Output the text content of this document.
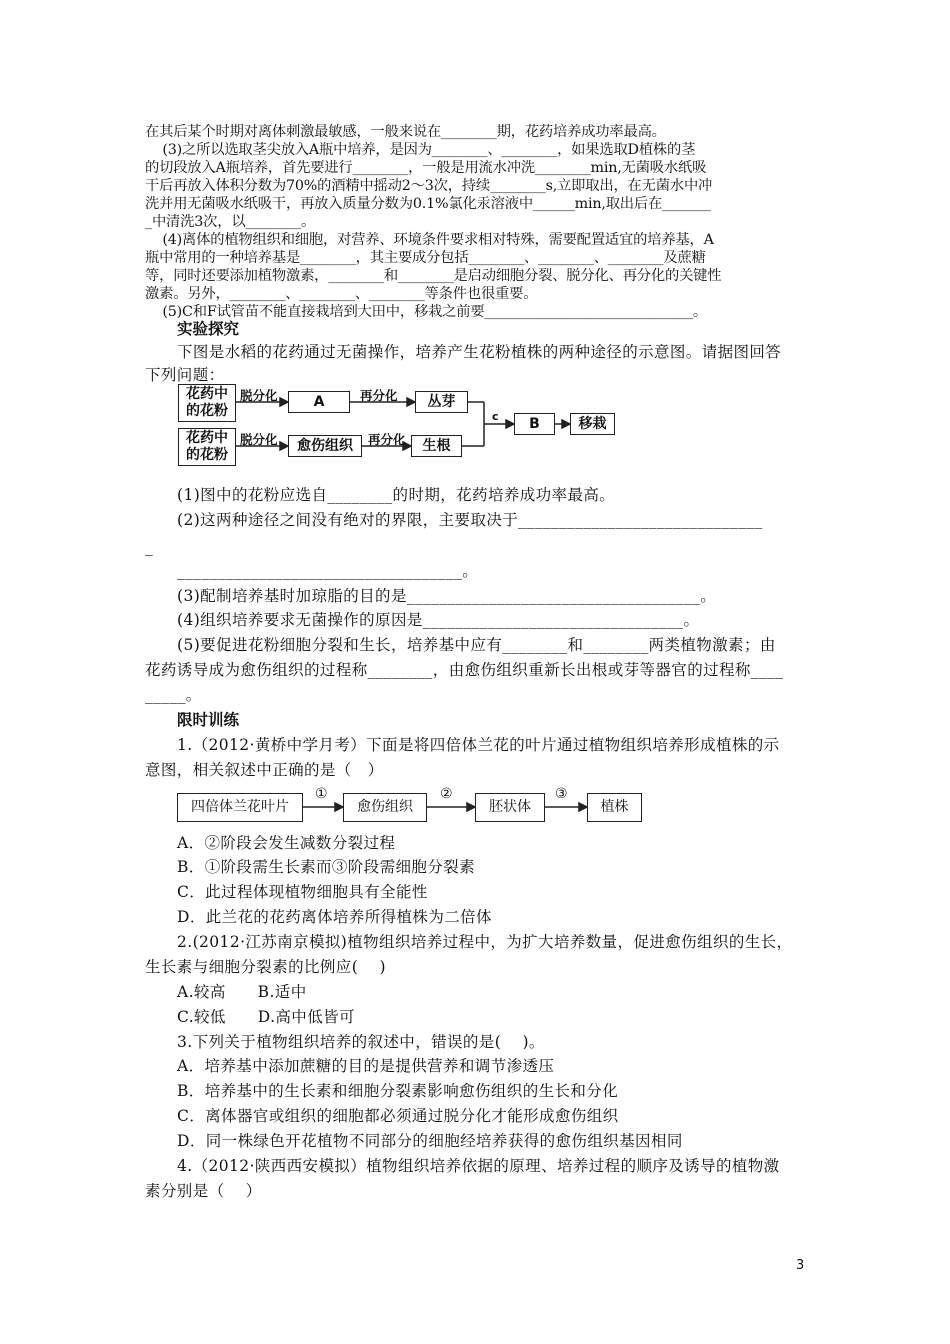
在其后某个时期对离体刺激最敏感，一般来说在________期，花药培养成功率最高。
(3)之所以选取茎尖放入A瓶中培养，是因为________、________，如果选取D植株的茎
的切段放入A瓶培养，首先要进行________，一般是用流水冲洗________min,无菌吸水纸吸
干后再放入体积分数为70%的酒精中摇动2～3次，持续________s,立即取出，在无菌水中冲
洗并用无菌吸水纸吸干，再放入质量分数为0.1%氯化汞溶液中______min,取出后在_______
_中清洗3次，以________。
(4)离体的植物组织和细胞，对营养、环境条件要求相对特殊，需要配置适宜的培养基，A
瓶中常用的一种培养基是________，其主要成分包括________、________、________及蔗糖
等，同时还要添加植物激素，________和________是启动细胞分裂、脱分化、再分化的关键性
激素。另外，________、________、________等条件也很重要。
(5)C和F试管苗不能直接栽培到大田中，移栽之前要______________________________。
实验探究
下图是水稻的花药通过无菌操作，培养产生花粉植株的两种途径的示意图。请据图回答
下列问题：
花药中
的花粉
花药中
的花粉
A	丛芽
愈伤组织	生根
B	移栽
脱分化	再分化
脱分化	再分化
c
(1)图中的花粉应选自________的时期，花药培养成功率最高。
(2)这两种途径之间没有绝对的界限，主要取决于______________________________
_
___________________________________。
(3)配制培养基时加琼脂的目的是____________________________________。
(4)组织培养要求无菌操作的原因是________________________________。
(5)要促进花粉细胞分裂和生长，培养基中应有________和________两类植物激素；由
花药诱导成为愈伤组织的过程称________，由愈伤组织重新长出根或芽等器官的过程称____
_____。
限时训练
1.（2012·黄桥中学月考）下面是将四倍体兰花的叶片通过植物组织培养形成植株的示
意图，相关叙述中正确的是（   ）
四倍体兰花叶片	愈伤组织	胚状体	植株
①	②	③
A．②阶段会发生减数分裂过程
B．①阶段需生长素而③阶段需细胞分裂素
C．此过程体现植物细胞具有全能性
D．此兰花的花药离体培养所得植株为二倍体
2.(2012·江苏南京模拟)植物组织培养过程中，为扩大培养数量，促进愈伤组织的生长，
生长素与细胞分裂素的比例应(    )
A.较高      B.适中
C.较低      D.高中低皆可
3.下列关于植物组织培养的叙述中，错误的是(    )。
A．培养基中添加蔗糖的目的是提供营养和调节渗透压
B．培养基中的生长素和细胞分裂素影响愈伤组织的生长和分化
C．离体器官或组织的细胞都必须通过脱分化才能形成愈伤组织
D．同一株绿色开花植物不同部分的细胞经培养获得的愈伤组织基因相同
4.（2012·陕西西安模拟）植物组织培养依据的原理、培养过程的顺序及诱导的植物激
素分别是（    ）
3
